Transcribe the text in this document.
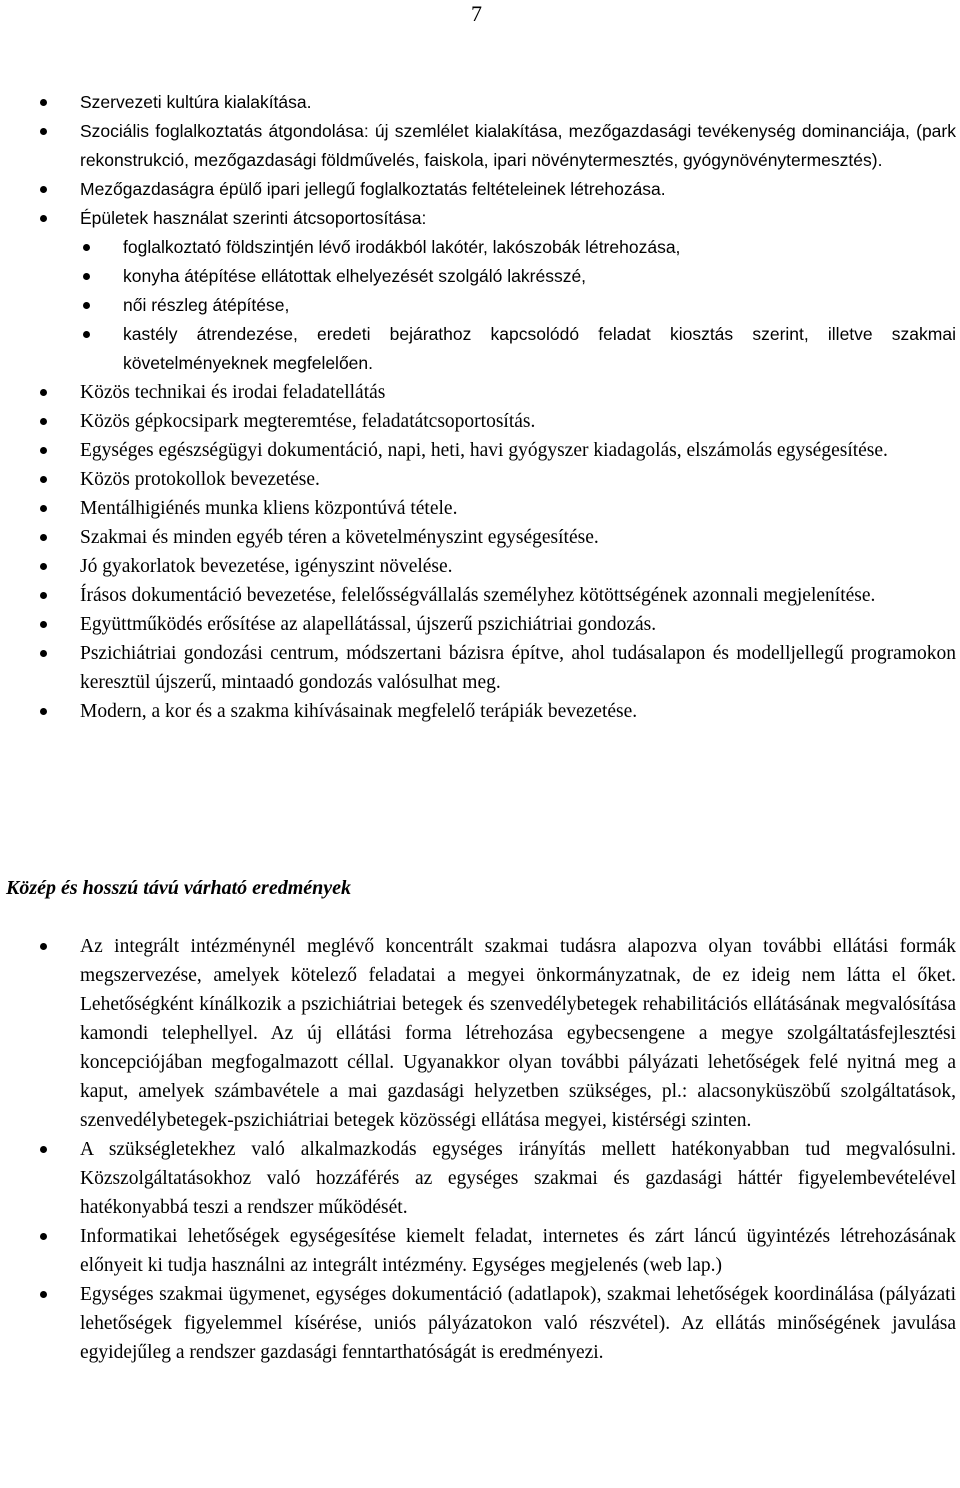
7
Szervezeti kultúra kialakítása.
Szociális foglalkoztatás átgondolása: új szemlélet kialakítása, mezőgazdasági tevékenység dominanciája, (park rekonstrukció, mezőgazdasági földművelés, faiskola, ipari növénytermesztés, gyógynövénytermesztés).
Mezőgazdaságra épülő ipari jellegű foglalkoztatás feltételeinek létrehozása.
Épületek használat szerinti átcsoportosítása:
foglalkoztató földszintjén lévő irodákból lakótér, lakószobák létrehozása,
konyha átépítése ellátottak elhelyezését szolgáló lakrésszé,
női részleg átépítése,
kastély átrendezése, eredeti bejárathoz kapcsolódó feladat kiosztás szerint, illetve szakmai követelményeknek megfelelően.
Közös technikai és irodai feladatellátás
Közös gépkocsipark megteremtése, feladatátcsoportosítás.
Egységes egészségügyi dokumentáció, napi, heti, havi gyógyszer kiadagolás, elszámolás egységesítése.
Közös protokollok bevezetése.
Mentálhigiénés munka kliens központúvá tétele.
Szakmai és minden egyéb téren a követelményszint egységesítése.
Jó gyakorlatok bevezetése, igényszint növelése.
Írásos dokumentáció bevezetése, felelősségvállalás személyhez kötöttségének azonnali megjelenítése.
Együttműködés erősítése az alapellátással, újszerű pszichiátriai gondozás.
Pszichiátriai gondozási centrum, módszertani bázisra építve, ahol tudásalapon és modelljellegű programokon keresztül újszerű, mintaadó gondozás valósulhat meg.
Modern, a kor és a szakma kihívásainak megfelelő terápiák bevezetése.
Közép és hosszú távú várható eredmények
Az integrált intézménynél meglévő koncentrált szakmai tudásra alapozva olyan további ellátási formák megszervezése, amelyek kötelező feladatai a megyei önkormányzatnak, de ez ideig nem látta el őket. Lehetőségként kínálkozik a pszichiátriai betegek és szenvedélybetegek rehabilitációs ellátásának megvalósítása kamondi telephellyel. Az új ellátási forma létrehozása egybecsengene a megye szolgáltatásfejlesztési koncepciójában megfogalmazott céllal. Ugyanakkor olyan további pályázati lehetőségek felé nyitná meg a kaput, amelyek számbavétele a mai gazdasági helyzetben szükséges, pl.: alacsonyküszöbű szolgáltatások, szenvedélybetegek-pszichiátriai betegek közösségi ellátása megyei, kistérségi szinten.
A szükségletekhez való alkalmazkodás egységes irányítás mellett hatékonyabban tud megvalósulni. Közszolgáltatásokhoz való hozzáférés az egységes szakmai és gazdasági háttér figyelembevételével hatékonyabbá teszi a rendszer működését.
Informatikai lehetőségek egységesítése kiemelt feladat, internetes és zárt láncú ügyintézés létrehozásának előnyeit ki tudja használni az integrált intézmény. Egységes megjelenés (web lap.)
Egységes szakmai ügymenet, egységes dokumentáció (adatlapok), szakmai lehetőségek koordinálása (pályázati lehetőségek figyelemmel kísérése, uniós pályázatokon való részvétel). Az ellátás minőségének javulása egyidejűleg a rendszer gazdasági fenntarthatóságát is eredményezi.
